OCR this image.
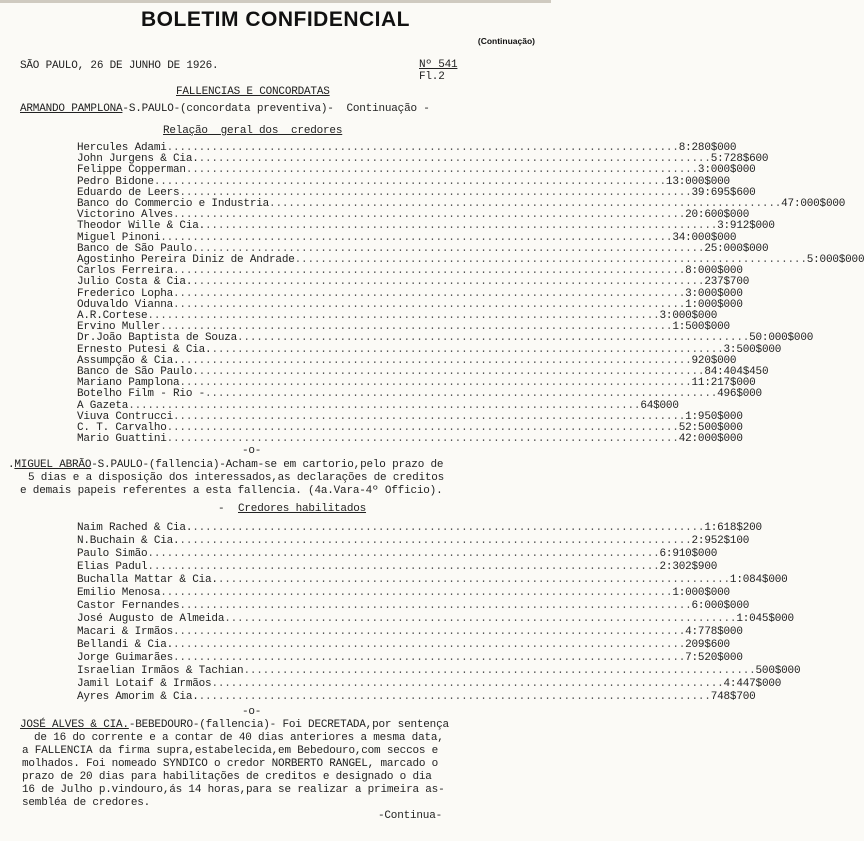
BOLETIM CONFIDENCIAL
(Continuação)
SÃO PAULO, 26 DE JUNHO DE 1926.	Nº 541
Fl.2
FALLENCIAS E CONCORDATAS
ARMANDO PAMPLONA-S.PAULO-(concordata preventiva)-  Continuação -
Relação  geral dos  credores
Hercules Adami ................................................................................ 8:280$000
John Jurgens & Cia. ................................................................................ 5:728$600
Felippe Copperman ................................................................................ 3:000$000
Pedro Bidone ................................................................................ 13:000$000
Eduardo de Leers ................................................................................ 39:695$600
Banco do Commercio e Industria ................................................................................ 47:000$000
Victorino Alves ................................................................................ 20:600$000
Theodor Wille & Cia. ................................................................................ 3:912$000
Miguel Pinoni ................................................................................ 34:000$000
Banco de São Paulo ................................................................................ 25:000$000
Agostinho Pereira Diniz de Andrade ................................................................................ 5:000$000
Carlos Ferreira ................................................................................ 8:000$000
Julio Costa & Cia. ................................................................................ 237$700
Frederico Lopha ................................................................................ 3:000$000
Oduvaldo Vianna ................................................................................ 1:000$000
A.R.Cortese ................................................................................ 3:000$000
Ervino Muller ................................................................................ 1:500$000
Dr.João Baptista de Souza ................................................................................ 50:000$000
Ernesto Putesi & Cia. ................................................................................ 3:500$000
Assumpção & Cia. ................................................................................ 920$000
Banco de São Paulo ................................................................................ 84:404$450
Mariano Pamplona ................................................................................ 11:217$000
Botelho Film - Rio - ................................................................................ 496$000
A Gazeta ................................................................................ 64$000
Viuva Contrucci ................................................................................ 1:950$000
C. T. Carvalho ................................................................................ 52:500$000
Mario Guattini ................................................................................ 42:000$000
-o-
.MIGUEL ABRÃO-S.PAULO-(fallencia)-Acham-se em cartorio,pelo prazo de
5 dias e a disposição dos interessados,as declarações de creditos
e demais papeis referentes a esta fallencia. (4a.Vara-4º Officio).
- Credores habilitados
Naim Rached & Cia. ................................................................................ 1:618$200
N.Buchain & Cia. ................................................................................ 2:952$100
Paulo Simão ................................................................................ 6:910$000
Elias Padul ................................................................................ 2:302$900
Buchalla Mattar & Cia. ................................................................................ 1:084$000
Emilio Menosa ................................................................................ 1:000$000
Castor Fernandes ................................................................................ 6:000$000
José Augusto de Almeida ................................................................................ 1:045$000
Macari & Irmãos ................................................................................ 4:778$000
Bellandi & Cia. ................................................................................ 209$600
Jorge Guimarães ................................................................................ 7:520$000
Israelian Irmãos & Tachian ................................................................................ 500$000
Jamil Lotaif & Irmãos ................................................................................ 4:447$000
Ayres Amorim & Cia. ................................................................................ 748$700
-o-
JOSÉ ALVES & CIA.-BEBEDOURO-(fallencia)- Foi DECRETADA,por sentença
de 16 do corrente e a contar de 40 dias anteriores a mesma data,
a FALLENCIA da firma supra,estabelecida,em Bebedouro,com seccos e
molhados. Foi nomeado SYNDICO o credor NORBERTO RANGEL, marcado o
prazo de 20 dias para habilitações de creditos e designado o dia
16 de Julho p.vindouro,ás 14 horas,para se realizar a primeira as-
sembléa de credores.
-Continua-
